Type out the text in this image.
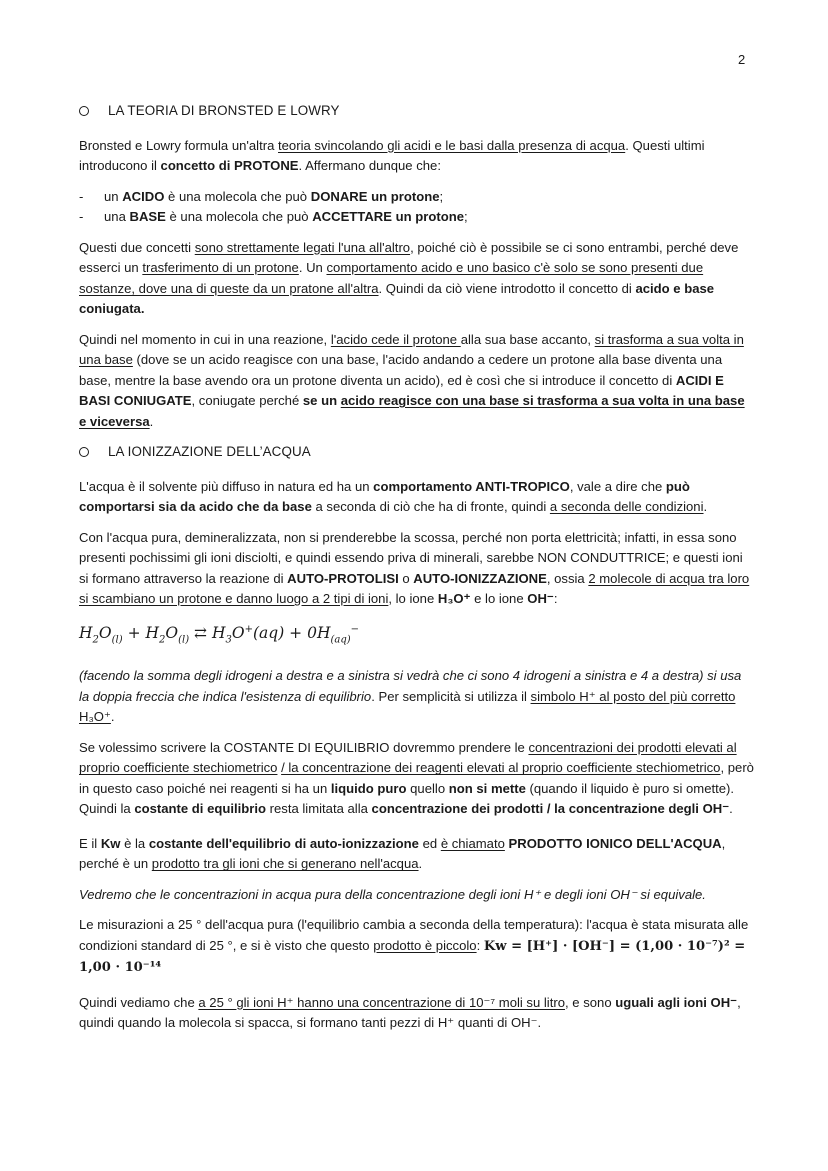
2
LA TEORIA DI BRONSTED E LOWRY

Bronsted e Lowry formula un'altra teoria svincolando gli acidi e le basi dalla presenza di acqua. Questi ultimi introducono il concetto di PROTONE. Affermano dunque che:

- un ACIDO è una molecola che può DONARE un protone;
- una BASE è una molecola che può ACCETTARE un protone;

Questi due concetti sono strettamente legati l'una all'altro, poiché ciò è possibile se ci sono entrambi, perché deve esserci un trasferimento di un protone. Un comportamento acido e uno basico c'è solo se sono presenti due sostanze, dove una di queste da un pratone all'altra. Quindi da ciò viene introdotto il concetto di acido e base coniugata.

Quindi nel momento in cui in una reazione, l'acido cede il protone alla sua base accanto, si trasforma a sua volta in una base (dove se un acido reagisce con una base, l'acido andando a cedere un protone alla base diventa una base, mentre la base avendo ora un protone diventa un acido), ed è così che si introduce il concetto di ACIDI E BASI CONIUGATE, coniugate perché se un acido reagisce con una base si trasforma a sua volta in una base e viceversa.

LA IONIZZAZIONE DELL’ACQUA

L'acqua è il solvente più diffuso in natura ed ha un comportamento ANTI-TROPICO, vale a dire che può comportarsi sia da acido che da base a seconda di ciò che ha di fronte, quindi a seconda delle condizioni.

Con l'acqua pura, demineralizzata, non si prenderebbe la scossa, perché non porta elettricità; infatti, in essa sono presenti pochissimi gli ioni disciolti, e quindi essendo priva di minerali, sarebbe NON CONDUTTRICE; e questi ioni si formano attraverso la reazione di AUTO-PROTOLISI o AUTO-IONIZZAZIONE, ossia 2 molecole di acqua tra loro si scambiano un protone e danno luogo a 2 tipi di ioni, lo ione H₃O⁺ e lo ione OH⁻:

$H_2O_{(l)} + H_2O_{(l)}$ ⇄ $H_3O^+(aq) + 0H_{(aq)}^-$

(facendo la somma degli idrogeni a destra e a sinistra si vedrà che ci sono 4 idrogeni a sinistra e 4 a destra) si usa la doppia freccia che indica l'esistenza di equilibrio. Per semplicità si utilizza il simbolo H⁺ al posto del più corretto H₃O⁺.

Se volessimo scrivere la COSTANTE DI EQUILIBRIO dovremmo prendere le concentrazioni dei prodotti elevati al proprio coefficiente stechiometrico / la concentrazione dei reagenti elevati al proprio coefficiente stechiometrico, però in questo caso poiché nei reagenti si ha un liquido puro quello non si mette (quando il liquido è puro si omette). Quindi la costante di equilibrio resta limitata alla concentrazione dei prodotti / la concentrazione degli OH⁻.

E il Kw è la costante dell'equilibrio di auto-ionizzazione ed è chiamato PRODOTTO IONICO DELL'ACQUA, perché è un prodotto tra gli ioni che si generano nell'acqua.

Vedremo che le concentrazioni in acqua pura della concentrazione degli ioni H⁺ e degli ioni OH⁻ si equivale.

Le misurazioni a 25 ° dell'acqua pura (l'equilibrio cambia a seconda della temperatura): l'acqua è stata misurata alle condizioni standard di 25 °, e si è visto che questo prodotto è piccolo: Kw = [H⁺] · [OH⁻] = (1,00 · 10⁻⁷)² = 1,00 · 10⁻¹⁴

Quindi vediamo che a 25 ° gli ioni H⁺ hanno una concentrazione di 10⁻⁷ moli su litro, e sono uguali agli ioni OH⁻, quindi quando la molecola si spacca, si formano tanti pezzi di H⁺ quanti di OH⁻.
